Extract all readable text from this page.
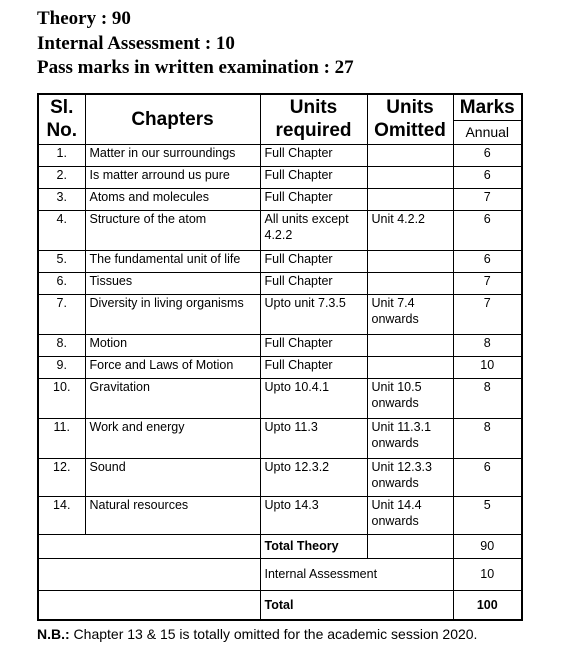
Theory : 90
Internal Assessment : 10
Pass marks in written examination : 27
Sl. No.	Chapters	Units required	Units Omitted	Marks
				Annual
1.	Matter in our surroundings	Full Chapter		6
2.	Is matter arround us pure	Full Chapter		6
3.	Atoms and molecules	Full Chapter		7
4.	Structure of the atom	All units except 4.2.2	Unit 4.2.2	6
5.	The fundamental unit of life	Full Chapter		6
6.	Tissues	Full Chapter		7
7.	Diversity in living organisms	Upto unit 7.3.5	Unit 7.4 onwards	7
8.	Motion	Full Chapter		8
9.	Force and Laws of Motion	Full Chapter		10
10.	Gravitation	Upto 10.4.1	Unit 10.5 onwards	8
11.	Work and energy	Upto 11.3	Unit 11.3.1 onwards	8
12.	Sound	Upto 12.3.2	Unit 12.3.3 onwards	6
14.	Natural resources	Upto 14.3	Unit 14.4 onwards	5
		Total Theory		90
		Internal Assessment		10
		Total		100
N.B.: Chapter 13 & 15 is totally omitted for the academic session 2020.
